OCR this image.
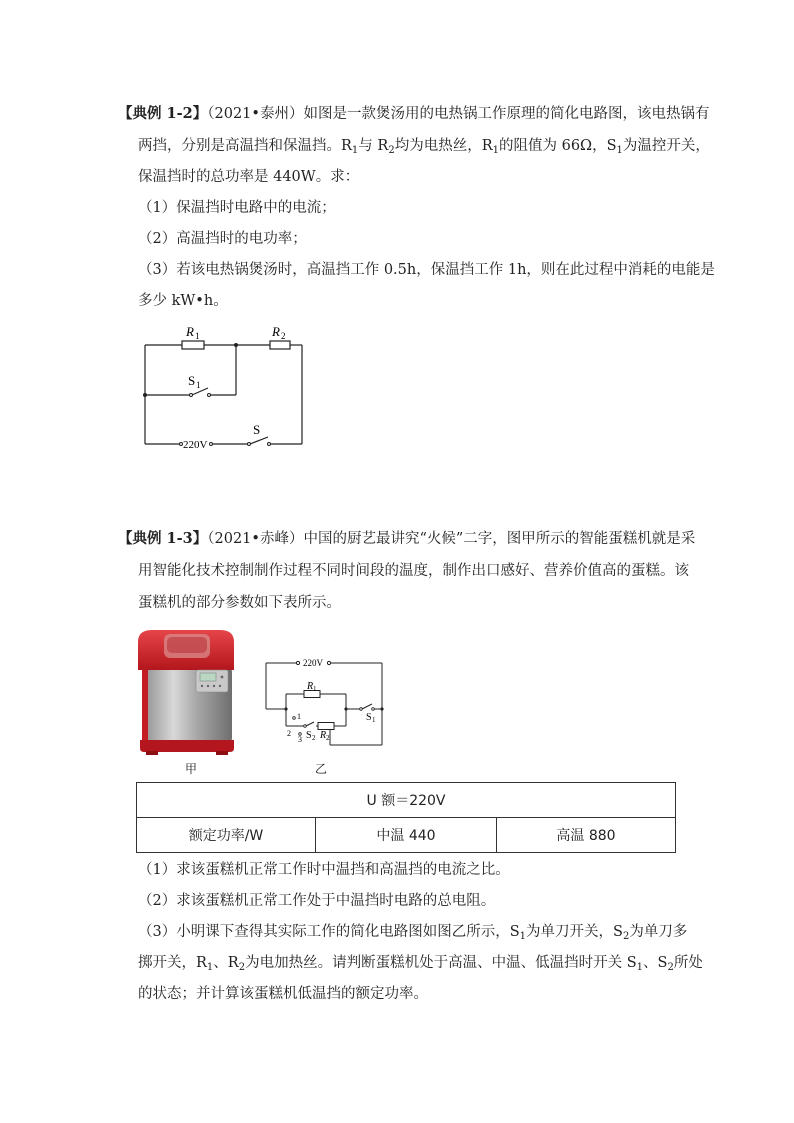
【典例 1-2】（2021•泰州）如图是一款煲汤用的电热锅工作原理的简化电路图，该电热锅有
两挡，分别是高温挡和保温挡。$R_1$与 $R_2$均为电热丝，$R_1$的阻值为 66Ω，$S_1$为温控开关，
保温挡时的总功率是 440W。求：
（1）保温挡时电路中的电流；
（2）高温挡时的电功率；
（3）若该电热锅煲汤时，高温挡工作 0.5h，保温挡工作 1h，则在此过程中消耗的电能是
多少 kW•h。
R 1	R 2
S 1
S
220V
【典例 1-3】（2021•赤峰）中国的厨艺最讲究“火候”二字，图甲所示的智能蛋糕机就是采
用智能化技术控制制作过程不同时间段的温度，制作出口感好、营养价值高的蛋糕。该
蛋糕机的部分参数如下表所示。
甲
220V
R 1
R 2
S 1
S 2
1
2
3
乙
U 额＝220V
额定功率/W	中温 440	高温 880
（1）求该蛋糕机正常工作时中温挡和高温挡的电流之比。
（2）求该蛋糕机正常工作处于中温挡时电路的总电阻。
（3）小明课下查得其实际工作的简化电路图如图乙所示，$S_1$为单刀开关，$S_2$为单刀多
掷开关，$R_1$、$R_2$为电加热丝。请判断蛋糕机处于高温、中温、低温挡时开关 $S_1$、$S_2$所处
的状态；并计算该蛋糕机低温挡的额定功率。
